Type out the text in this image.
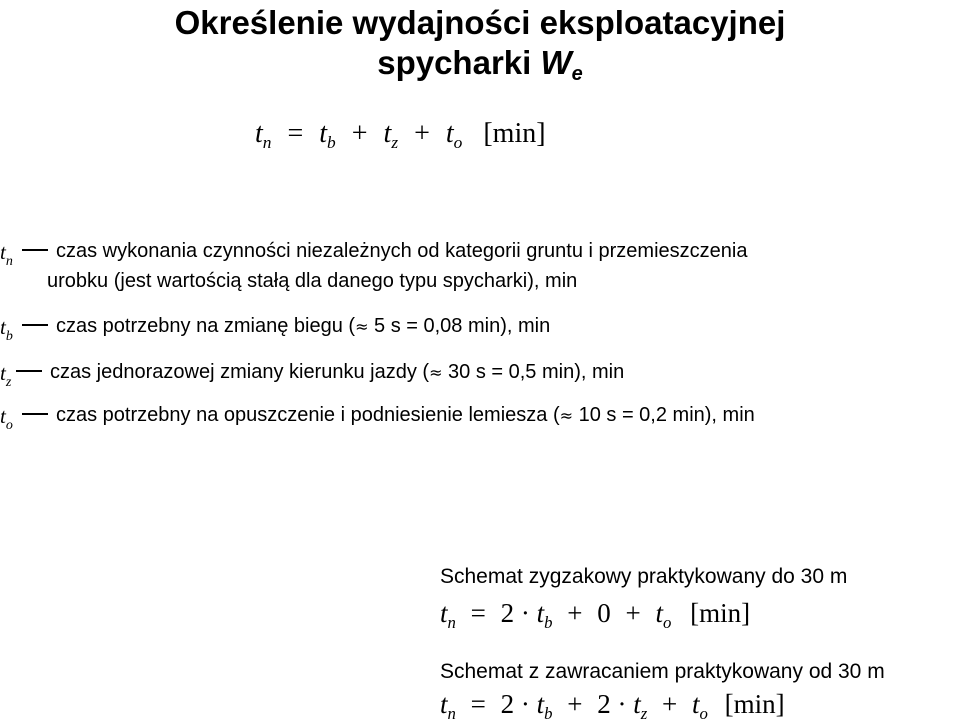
Określenie wydajności eksploatacyjnej
spycharki $W_e$
$t_n = t_b + t_z + t_o$ [min]
$t_n$	czas wykonania czynności niezależnych od kategorii gruntu i przemieszczenia
urobku (jest wartością stałą dla danego typu spycharki), min
$t_b$	czas potrzebny na zmianę biegu (≈ 5 s = 0,08 min), min
$t_z$	czas jednorazowej zmiany kierunku jazdy (≈ 30 s = 0,5 min), min
$t_o$	czas potrzebny na opuszczenie i podniesienie lemiesza (≈ 10 s = 0,2 min), min
Schemat zygzakowy praktykowany do 30 m
$t_n = 2 \cdot t_b + 0 + t_o$ [min]
Schemat z zawracaniem praktykowany od 30 m
$t_n = 2 \cdot t_b + 2 \cdot t_z + t_o$ [min]
